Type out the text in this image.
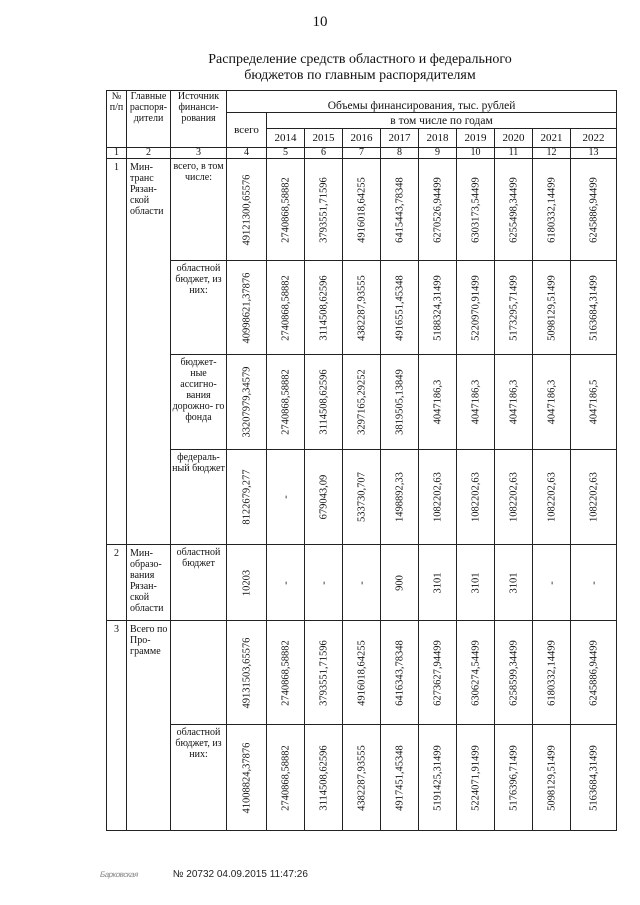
10
Распределение средств областного и федерального
бюджетов по главным распорядителям
№ п/п	Главные распоря- дители	Источник финанси- рования	Объемы финансирования, тыс. рублей									
			всего	в том числе по годам								
				2014	2015	2016	2017	2018	2019	2020	2021	2022
1	2	3	4	5	6	7	8	9	10	11	12	13
1	Мин- транс Рязан- ской области	всего, в том числе:	49121300,65576	2740868,58882	3793551,71596	4916018,64255	6415443,78348	6270526,94499	6303173,54499	6255498,34499	6180332,14499	6245886,94499

		областной бюджет, из них:	40998621,37876	2740868,58882	3114508,62596	4382287,93555	4916551,45348	5188324,31499	5220970,91499	5173295,71499	5098129,51499	5163684,31499

		бюджет- ные ассигно- вания дорожно- го фонда	33207979,34579	2740868,58882	3114508,62596	3297165,29252	3819505,13849	4047186,3	4047186,3	4047186,3	4047186,3	4047186,5

		федераль- ный бюджет	8122679,277	-	679043,09	533730,707	1498892,33	1082202,63	1082202,63	1082202,63	1082202,63	1082202,63

2	Мин- образо- вания Рязан- ской области	областной бюджет	10203	-	-	-	900	3101	3101	3101	-	-

3	Всего по Про- грамме		49131503,65576	2740868,58882	3793551,71596	4916018,64255	6416343,78348	6273627,94499	6306274,54499	6258599,34499	6180332,14499	6245886,94499

		областной бюджет, из них:	41008824,37876	2740868,58882	3114508,62596	4382287,93555	4917451,45348	5191425,31499	5224071,91499	5176396,71499	5098129,51499	5163684,31499
Барковская	№ 20732 04.09.2015 11:47:26
